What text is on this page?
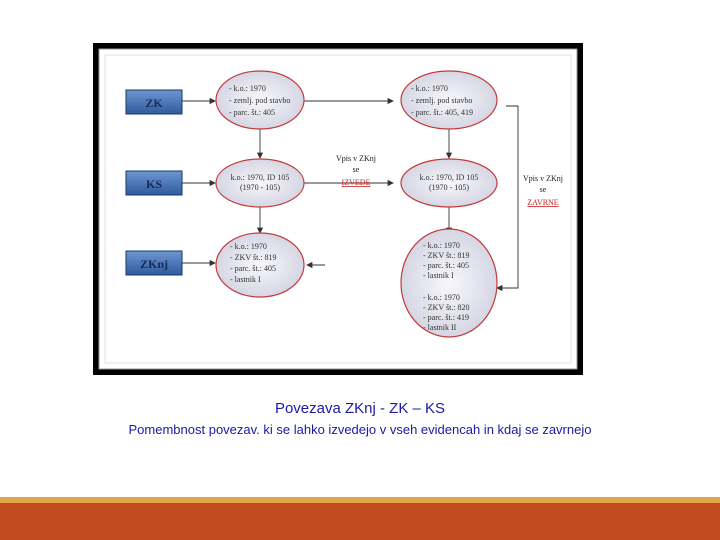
ZK
KS
ZKnj
- k.o.: 1970
- zemlj. pod stavbo
- parc. št.: 405
k.o.: 1970, ID 105
(1970 - 105)
- k.o.: 1970
- ZKV št.: 819
- parc. št.: 405
- lastnik I
- k.o.: 1970
- zemlj. pod stavbo
- parc. št.: 405, 419
k.o.: 1970, ID 105
(1970 - 105)
- k.o.: 1970
- ZKV št.: 819
- parc. št.: 405
- lastnik I
- k.o.: 1970
- ZKV št.: 820
- parc. št.: 419
- lastnik II
Vpis v ZKnj
se
IZVEDE	Vpis v ZKnj
se
ZAVRNE
Povezava ZKnj - ZK – KS
Pomembnost povezav. ki se lahko izvedejo v vseh evidencah in kdaj se zavrnejo
